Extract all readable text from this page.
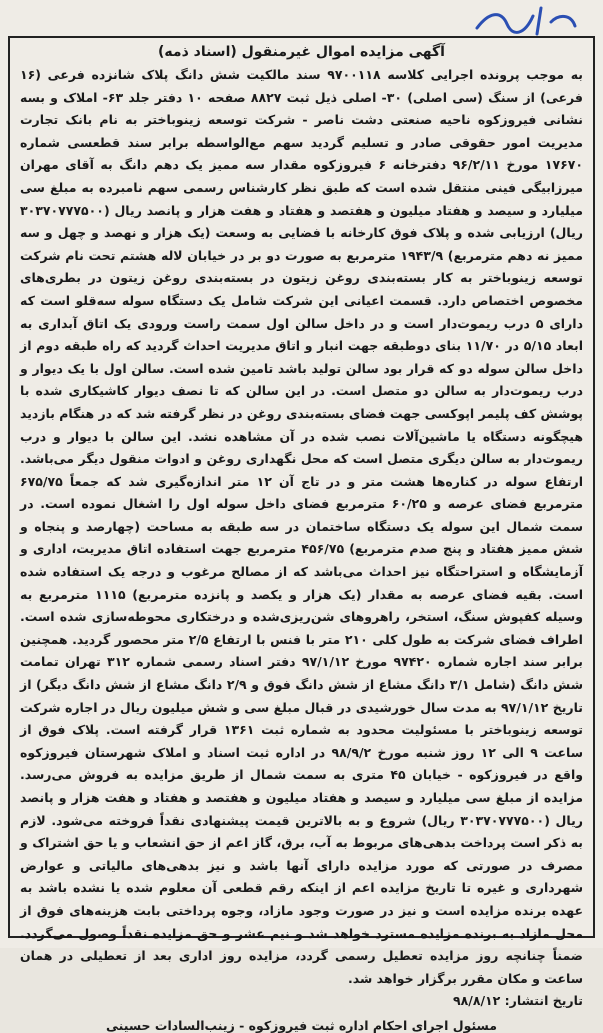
آگهی مزایده اموال غیرمنقول (اسناد ذمه)

به موجب پرونده اجرایی کلاسه ۹۷۰۰۱۱۸ سند مالکیت شش دانگ پلاک شانزده فرعی (۱۶ فرعی) از سنگ (سی اصلی) ۳۰- اصلی ذیل ثبت ۸۸۲۷ صفحه ۱۰ دفتر جلد ۶۳- املاک و بسه نشانی فیروزکوه ناحیه صنعتی دشت ناصر - شرکت توسعه زینوباختر به نام بانک تجارت مدیریت امور حقوقی صادر و تسلیم گردید سهم مع‌الواسطه برابر سند قطعسی شماره ۱۷۶۷۰ مورخ ۹۶/۲/۱۱ دفترخانه ۶ فیروزکوه مقدار سه ممیز یک دهم دانگ به آقای مهران میرزابیگی فینی منتقل شده است که طبق نظر کارشناس رسمی سهم نامبرده به مبلغ سی میلیارد و سیصد و هفتاد میلیون و هفتصد و هفتاد و هفت هزار و پانصد ریال (۳۰۳۷۰۷۷۷۵۰۰ ریال) ارزیابی شده و پلاک فوق کارخانه با فضایی به وسعت (یک هزار و نهصد و چهل و سه ممیز نه دهم مترمربع) ۱۹۴۳/۹ مترمربع به صورت دو بر در خیابان لاله هشتم تحت نام شرکت توسعه زینوباختر به کار بسته‌بندی روغن زیتون در بسته‌بندی روغن زیتون در بطری‌های مخصوص اختصاص دارد. قسمت اعیانی این شرکت شامل یک دستگاه سوله سه‌قلو است که دارای ۵ درب ریموت‌دار است و در داخل سالن اول سمت راست ورودی یک اتاق آبداری به ابعاد ۵/۱۵ در ۱۱/۷۰ بنای دوطبقه جهت انبار و اتاق مدیریت احداث گردید که راه طبقه دوم از داخل سالن سوله دو که قرار بود سالن تولید باشد تامین شده است. سالن اول با یک دیوار و درب ریموت‌دار به سالن دو متصل است. در این سالن که تا نصف دیوار کاشیکاری شده با پوشش کف پلیمر اپوکسی جهت فضای بسته‌بندی روغن در نظر گرفته شد که در هنگام بازدید هیچگونه دستگاه یا ماشین‌آلات نصب شده در آن مشاهده نشد. این سالن با دیوار و درب ریموت‌دار به سالن دیگری متصل است که محل نگهداری روغن و ادوات منقول دیگر می‌باشد. ارتفاع سوله در کناره‌ها هشت متر و در تاج آن ۱۲ متر اندازه‌گیری شد که جمعاً ۶۷۵/۷۵ مترمربع فضای عرصه و ۶۰/۲۵ مترمربع فضای داخل سوله اول را اشغال نموده است. در سمت شمال این سوله یک دستگاه ساختمان در سه طبقه به مساحت (چهارصد و پنجاه و شش ممیز هفتاد و پنج صدم مترمربع) ۴۵۶/۷۵ مترمربع جهت استفاده اتاق مدیریت، اداری و آزمایشگاه و استراحتگاه نیز احداث می‌باشد که از مصالح مرغوب و درجه یک استفاده شده است. بقیه فضای عرصه به مقدار (یک هزار و یکصد و پانزده مترمربع) ۱۱۱۵ مترمربع به وسیله کفپوش سنگ، استخر، راهروهای شن‌ریزی‌شده و درختکاری محوطه‌سازی شده است. اطراف فضای شرکت به طول کلی ۲۱۰ متر با فنس با ارتفاع ۲/۵ متر محصور گردید. همچنین برابر سند اجاره شماره ۹۷۴۲۰ مورخ ۹۷/۱/۱۲ دفتر اسناد رسمی شماره ۳۱۲ تهران تمامت شش دانگ (شامل ۳/۱ دانگ مشاع از شش دانگ فوق و ۲/۹ دانگ مشاع از شش دانگ دیگر) از تاریخ ۹۷/۱/۱۲ به مدت سال خورشیدی در قبال مبلغ سی و شش میلیون ریال در اجاره شرکت توسعه زینوباختر با مسئولیت محدود به شماره ثبت ۱۳۶۱ قرار گرفته است. پلاک فوق از ساعت ۹ الی ۱۲ روز شنبه مورخ ۹۸/۹/۲ در اداره ثبت اسناد و املاک شهرستان فیروزکوه واقع در فیروزکوه - خیابان ۴۵ متری به سمت شمال از طریق مزایده به فروش می‌رسد. مزایده از مبلغ سی میلیارد و سیصد و هفتاد میلیون و هفتصد و هفتاد و هفت هزار و پانصد ریال (۳۰۳۷۰۷۷۷۵۰۰ ریال) شروع و به بالاترین قیمت پیشنهادی نقداً فروخته می‌شود. لازم به ذکر است پرداخت بدهی‌های مربوط به آب، برق، گاز اعم از حق انشعاب و یا حق اشتراک و مصرف در صورتی که مورد مزایده دارای آنها باشد و نیز بدهی‌های مالیاتی و عوارض شهرداری و غیره تا تاریخ مزایده اعم از اینکه رقم قطعی آن معلوم شده یا نشده باشد به عهده برنده مزایده است و نیز در صورت وجود مازاد، وجوه پرداختی بابت هزینه‌های فوق از محل مازاد به برنده مزایده مسترد خواهد شد و نیم عشر و حق مزایده نقداً وصول می‌گردد. ضمناً چنانچه روز مزایده تعطیل رسمی گردد، مزایده روز اداری بعد از تعطیلی در همان ساعت و مکان مقرر برگزار خواهد شد.

تاریخ انتشار: ۹۸/۸/۱۲
مسئول اجرای احکام اداره ثبت فیروزکوه - زینب‌السادات حسینی
